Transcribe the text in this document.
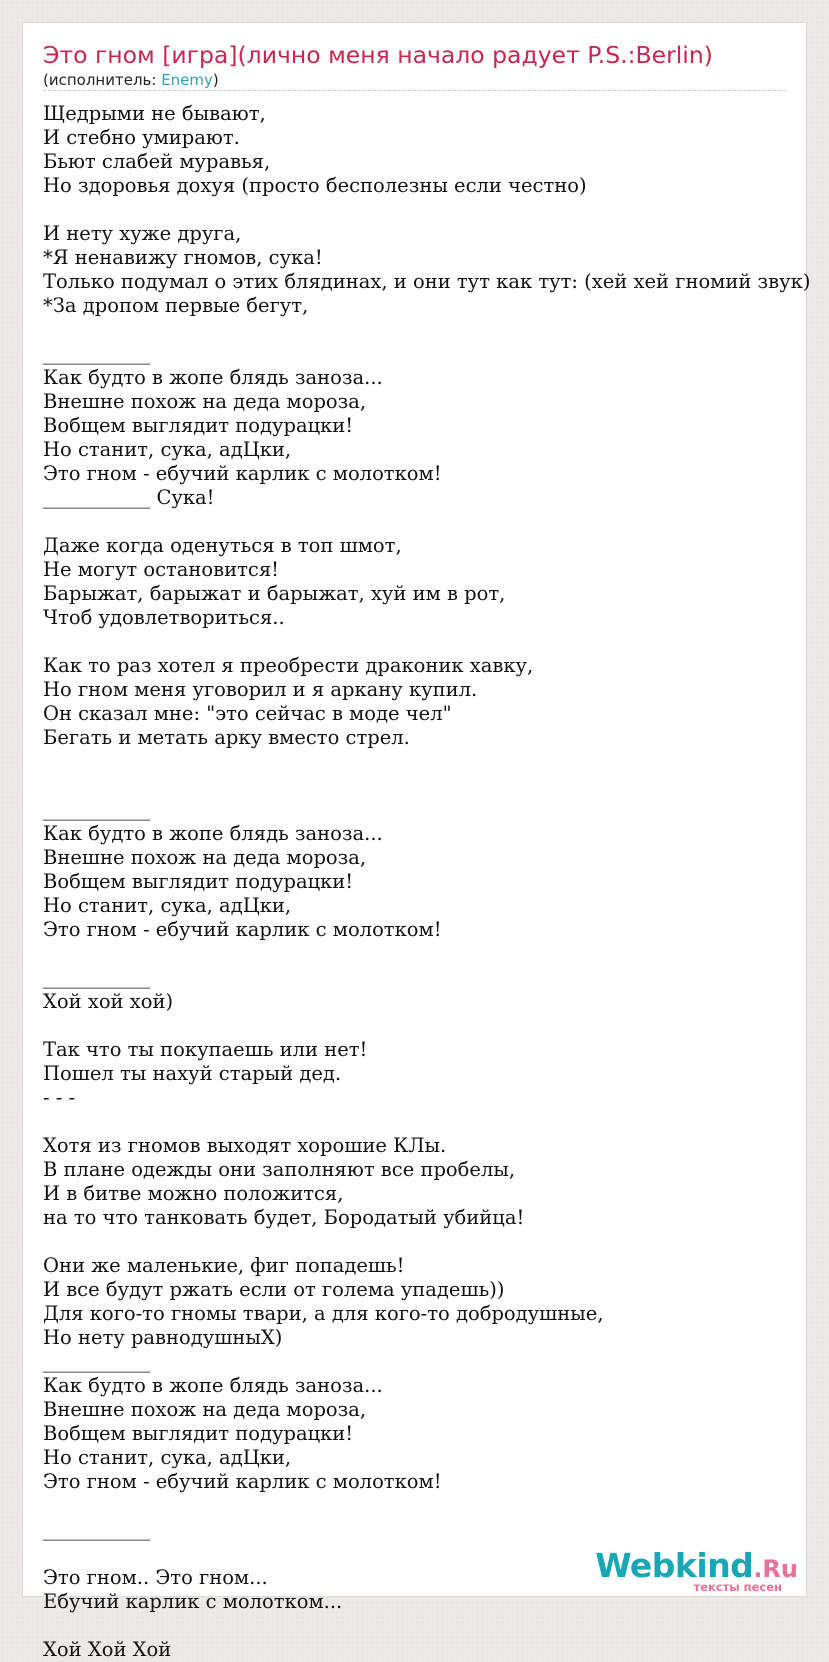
Это гном [игра](лично меня начало радует P.S.:Berlin)
(исполнитель: Enemy)
Щедрыми не бывают,
И стебно умирают.
Бьют слабей муравья,
Но здоровья дохуя (просто бесполезны если честно)
И нету хуже друга,
*Я ненавижу гномов, сука!
Только подумал о этих блядинах, и они тут как тут: (хей хей гномий звук)
*За дропом первые бегут,
___________
Как будто в жопе блядь заноза...
Внешне похож на деда мороза,
Вобщем выглядит подурацки!
Но станит, сука, адЦки,
Это гном - ебучий карлик с молотком!
___________ Сука!
Даже когда оденуться в топ шмот,
Не могут остановится!
Барыжат, барыжат и барыжат, хуй им в рот,
Чтоб удовлетвориться..
Как то раз хотел я преобрести драконик хавку,
Но гном меня уговорил и я аркану купил.
Он сказал мне: "это сейчас в моде чел"
Бегать и метать арку вместо стрел.
___________
Как будто в жопе блядь заноза...
Внешне похож на деда мороза,
Вобщем выглядит подурацки!
Но станит, сука, адЦки,
Это гном - ебучий карлик с молотком!
___________
Хой хой хой)
Так что ты покупаешь или нет!
Пошел ты нахуй старый дед.
- - -
Хотя из гномов выходят хорошие КЛы.
В плане одежды они заполняют все пробелы,
И в битве можно положится,
на то что танковать будет, Бородатый убийца!
Они же маленькие, фиг попадешь!
И все будут ржать если от голема упадешь))
Для кого-то гномы твари, а для кого-то добродушные,
Но нету равнодушныХ)
___________
Как будто в жопе блядь заноза...
Внешне похож на деда мороза,
Вобщем выглядит подурацки!
Но станит, сука, адЦки,
Это гном - ебучий карлик с молотком!
___________
Это гном.. Это гном...
Ебучий карлик с молотком...
Хой Хой Хой
Webkind.Ru
тексты песен
